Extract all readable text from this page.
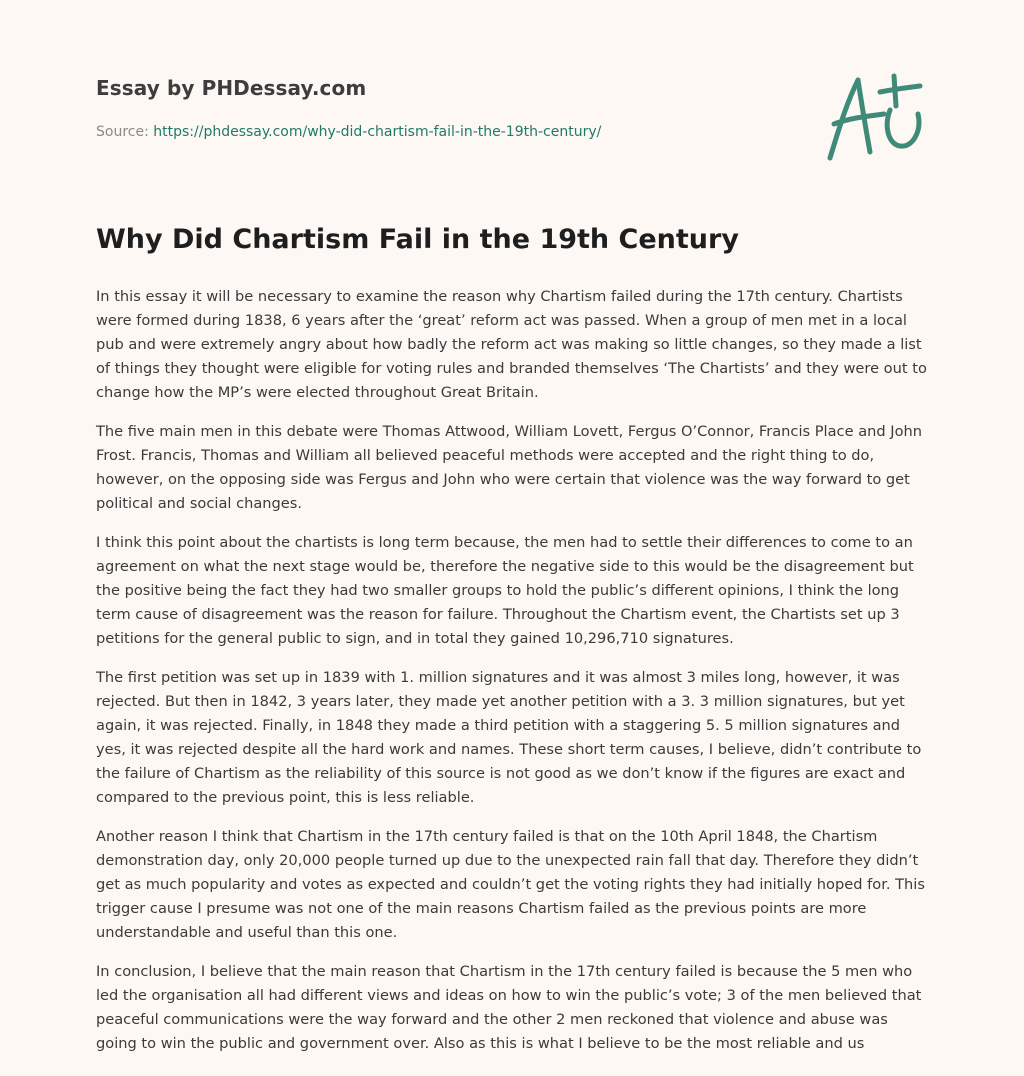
Essay by PHDessay.com
Source: https://phdessay.com/why-did-chartism-fail-in-the-19th-century/
Why Did Chartism Fail in the 19th Century

In this essay it will be necessary to examine the reason why Chartism failed during the 17th century. Chartists were formed during 1838, 6 years after the ‘great’ reform act was passed. When a group of men met in a local pub and were extremely angry about how badly the reform act was making so little changes, so they made a list of things they thought were eligible for voting rules and branded themselves ‘The Chartists’ and they were out to change how the MP’s were elected throughout Great Britain.

The five main men in this debate were Thomas Attwood, William Lovett, Fergus O’Connor, Francis Place and John Frost. Francis, Thomas and William all believed peaceful methods were accepted and the right thing to do, however, on the opposing side was Fergus and John who were certain that violence was the way forward to get political and social changes.

I think this point about the chartists is long term because, the men had to settle their differences to come to an agreement on what the next stage would be, therefore the negative side to this would be the disagreement but the positive being the fact they had two smaller groups to hold the public’s different opinions, I think the long term cause of disagreement was the reason for failure. Throughout the Chartism event, the Chartists set up 3 petitions for the general public to sign, and in total they gained 10,296,710 signatures.

The first petition was set up in 1839 with 1. million signatures and it was almost 3 miles long, however, it was rejected. But then in 1842, 3 years later, they made yet another petition with a 3. 3 million signatures, but yet again, it was rejected. Finally, in 1848 they made a third petition with a staggering 5. 5 million signatures and yes, it was rejected despite all the hard work and names. These short term causes, I believe, didn’t contribute to the failure of Chartism as the reliability of this source is not good as we don’t know if the figures are exact and compared to the previous point, this is less reliable.

Another reason I think that Chartism in the 17th century failed is that on the 10th April 1848, the Chartism demonstration day, only 20,000 people turned up due to the unexpected rain fall that day. Therefore they didn’t get as much popularity and votes as expected and couldn’t get the voting rights they had initially hoped for. This trigger cause I presume was not one of the main reasons Chartism failed as the previous points are more understandable and useful than this one.

In conclusion, I believe that the main reason that Chartism in the 17th century failed is because the 5 men who led the organisation all had different views and ideas on how to win the public’s vote; 3 of the men believed that peaceful communications were the way forward and the other 2 men reckoned that violence and abuse was going to win the public and government over. Also as this is what I believe to be the most reliable and us
